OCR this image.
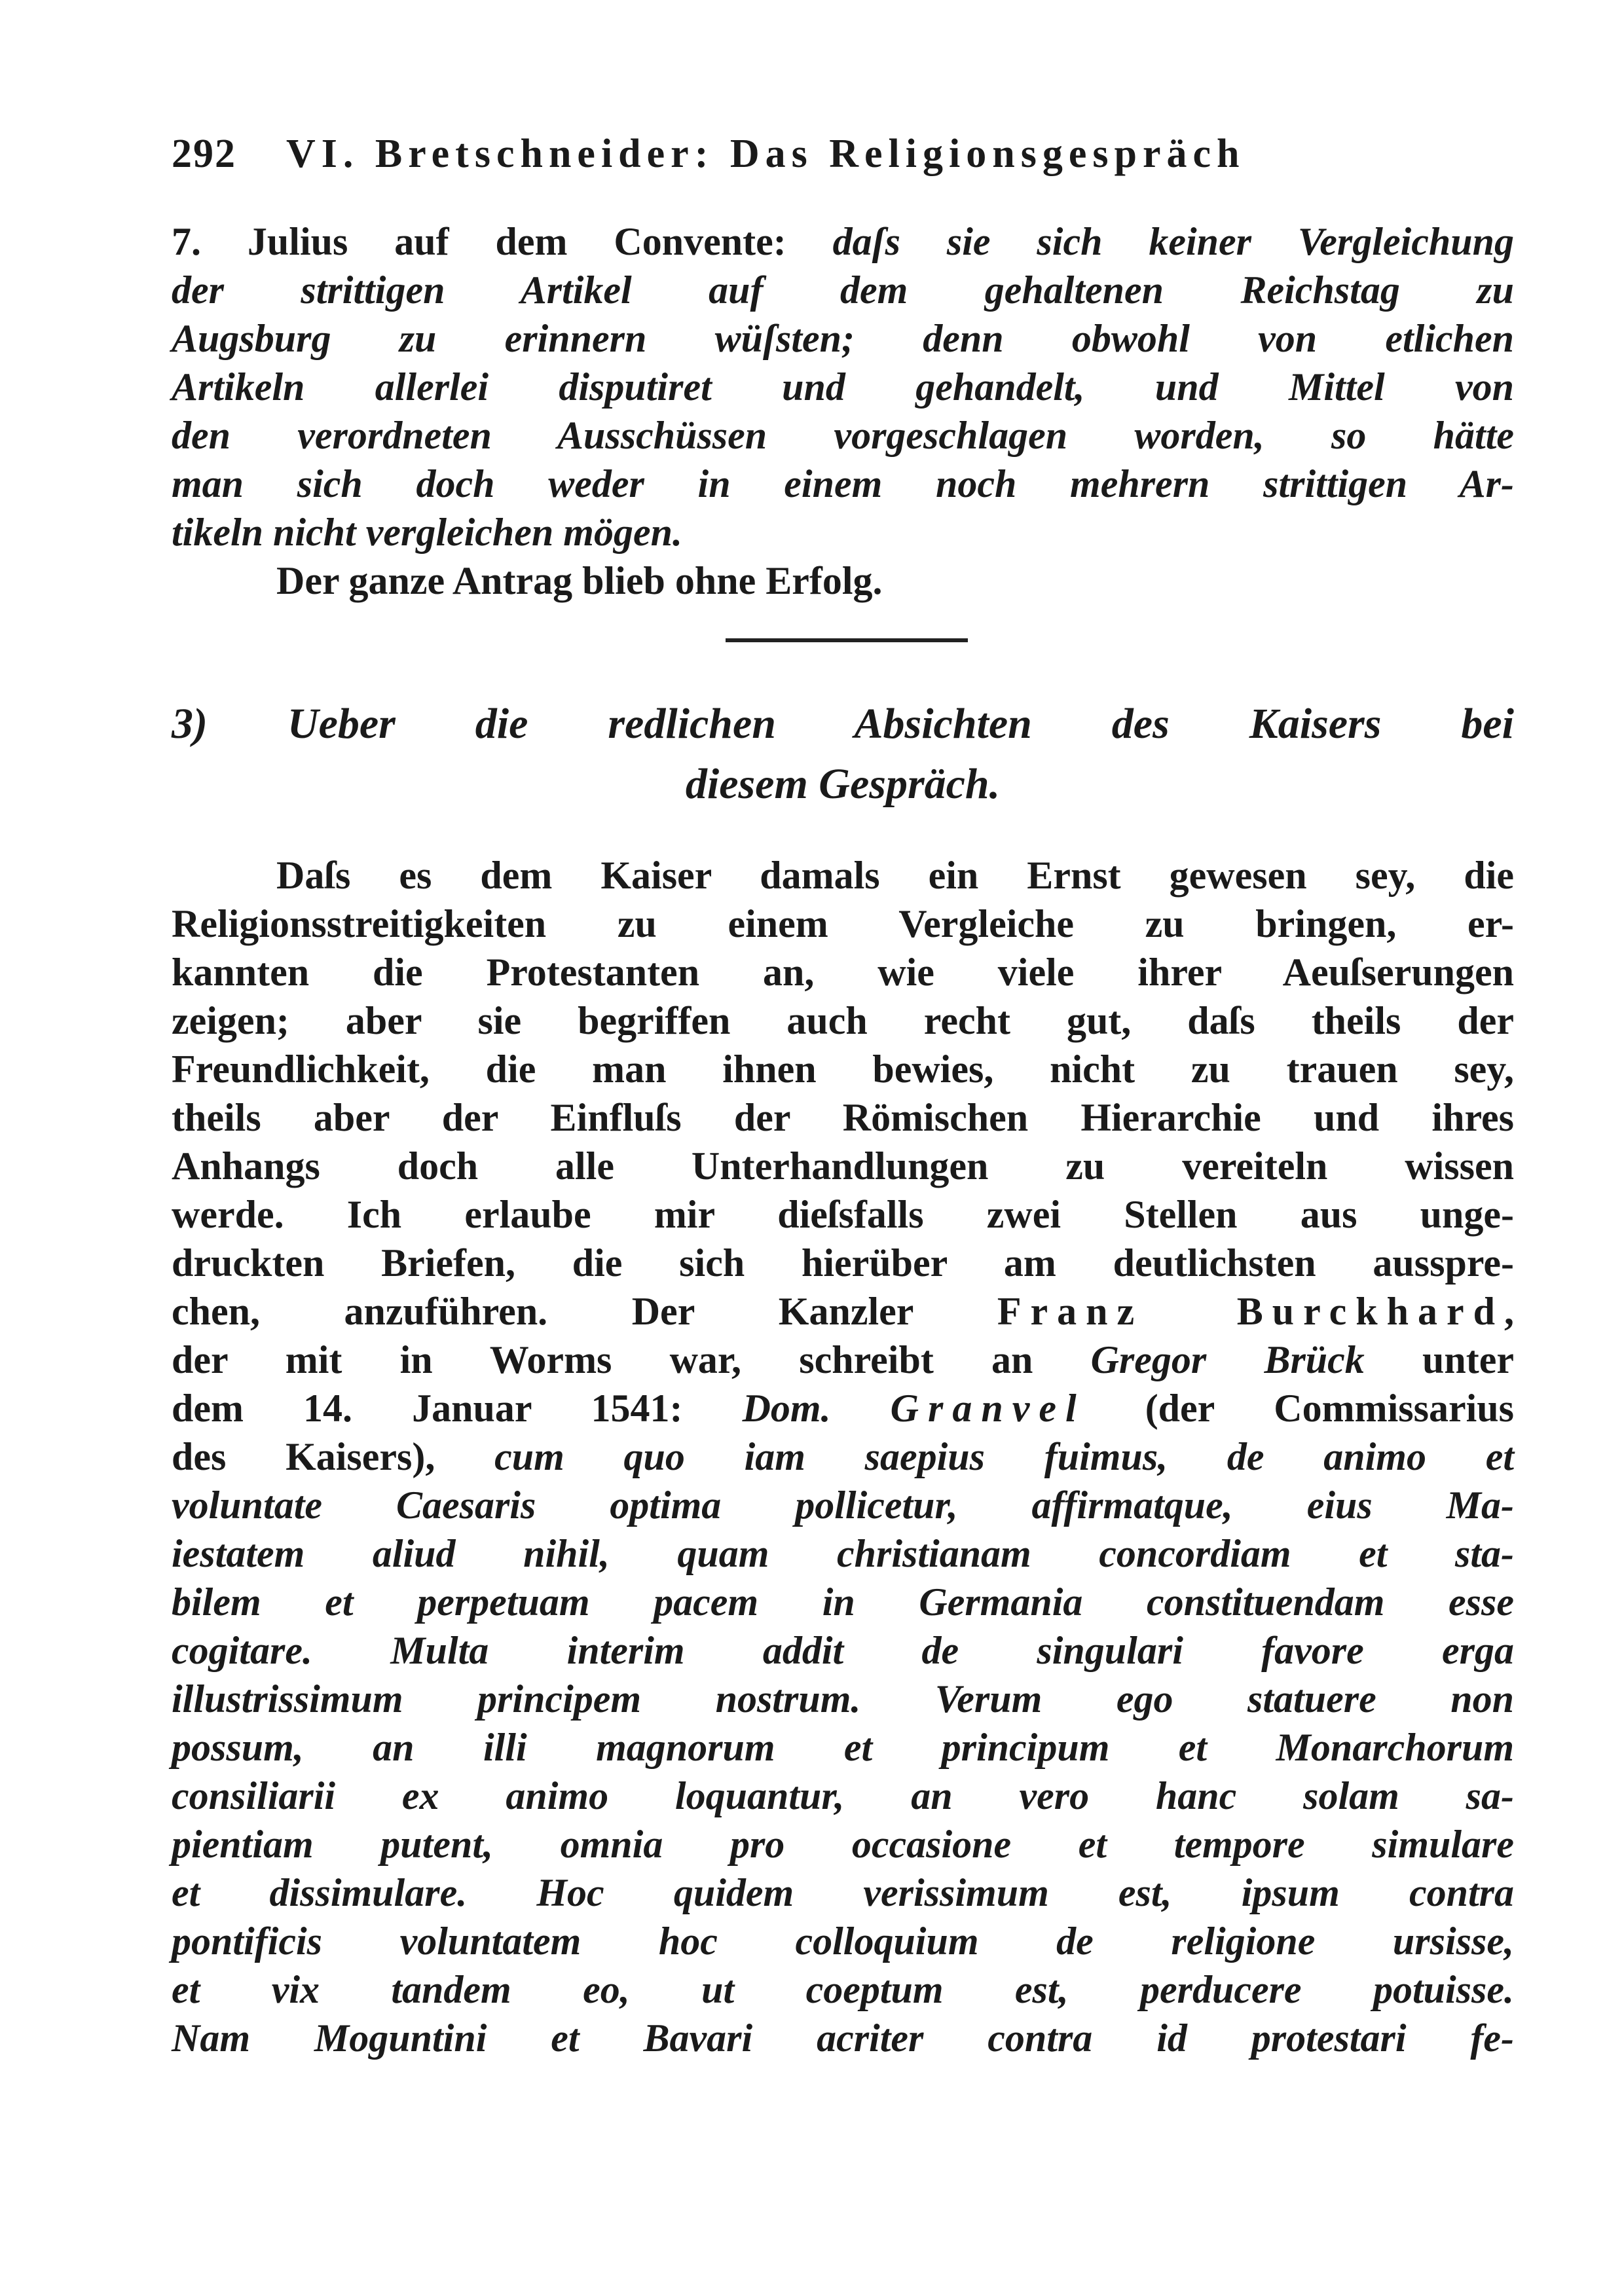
292 VI. Bretschneider: Das Religionsgespräch
7. Julius auf dem Convente: daſs sie sich keiner Vergleichung
der strittigen Artikel auf dem gehaltenen Reichstag zu
Augsburg zu erinnern wüſsten; denn obwohl von etlichen
Artikeln allerlei disputiret und gehandelt, und Mittel von
den verordneten Ausschüssen vorgeschlagen worden, so hätte
man sich doch weder in einem noch mehrern strittigen Ar-
tikeln nicht vergleichen mögen.
Der ganze Antrag blieb ohne Erfolg.
3) Ueber die redlichen Absichten des Kaisers bei
diesem Gespräch.
Daſs es dem Kaiser damals ein Ernst gewesen sey, die
Religionsstreitigkeiten zu einem Vergleiche zu bringen, er-
kannten die Protestanten an, wie viele ihrer Aeuſserungen
zeigen; aber sie begriffen auch recht gut, daſs theils der
Freundlichkeit, die man ihnen bewies, nicht zu trauen sey,
theils aber der Einfluſs der Römischen Hierarchie und ihres
Anhangs doch alle Unterhandlungen zu vereiteln wissen
werde. Ich erlaube mir dieſsfalls zwei Stellen aus unge-
druckten Briefen, die sich hierüber am deutlichsten ausspre-
chen, anzuführen. Der Kanzler Franz Burckhard,
der mit in Worms war, schreibt an Gregor Brück unter
dem 14. Januar 1541: Dom. Granvel (der Commissarius
des Kaisers), cum quo iam saepius fuimus, de animo et
voluntate Caesaris optima pollicetur, affirmatque, eius Ma-
iestatem aliud nihil, quam christianam concordiam et sta-
bilem et perpetuam pacem in Germania constituendam esse
cogitare. Multa interim addit de singulari favore erga
illustrissimum principem nostrum. Verum ego statuere non
possum, an illi magnorum et principum et Monarchorum
consiliarii ex animo loquantur, an vero hanc solam sa-
pientiam putent, omnia pro occasione et tempore simulare
et dissimulare. Hoc quidem verissimum est, ipsum contra
pontificis voluntatem hoc colloquium de religione ursisse,
et vix tandem eo, ut coeptum est, perducere potuisse.
Nam Moguntini et Bavari acriter contra id protestari fe-
